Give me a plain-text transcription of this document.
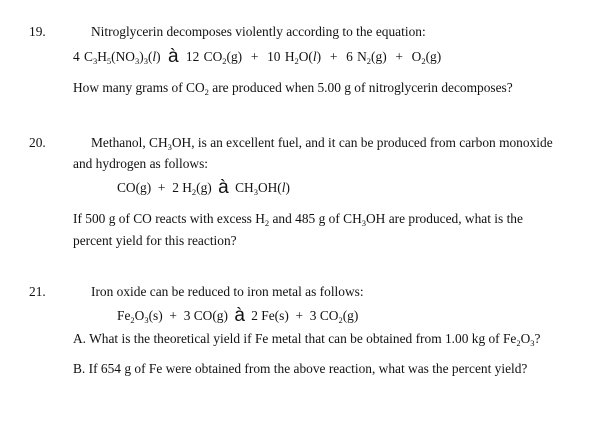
19.	Nitroglycerin decomposes violently according to the equation:
4 $C_3H_5(NO_3)_3(l)$ à 12 $CO_2(g) + 10$ $H_2O(l) + 6$ $N_2(g) + O_2(g)$
How many grams of $CO_2$ are produced when 5.00 g of nitroglycerin decomposes?
20.	Methanol, $CH_3OH$, is an excellent fuel, and it can be produced from carbon monoxide
and hydrogen as follows:
CO(g) + 2 $H_2(g)$ à $CH_3OH(l)$
If 500 g of CO reacts with excess $H_2$ and 485 g of $CH_3OH$ are produced, what is the
percent yield for this reaction?
21.	Iron oxide can be reduced to iron metal as follows:
$Fe_2O_3(s) + 3$ CO(g) à 2 Fe(s) + 3 $CO_2(g)$
A. What is the theoretical yield if Fe metal that can be obtained from 1.00 kg of $Fe_2O_3$?
B. If 654 g of Fe were obtained from the above reaction, what was the percent yield?
